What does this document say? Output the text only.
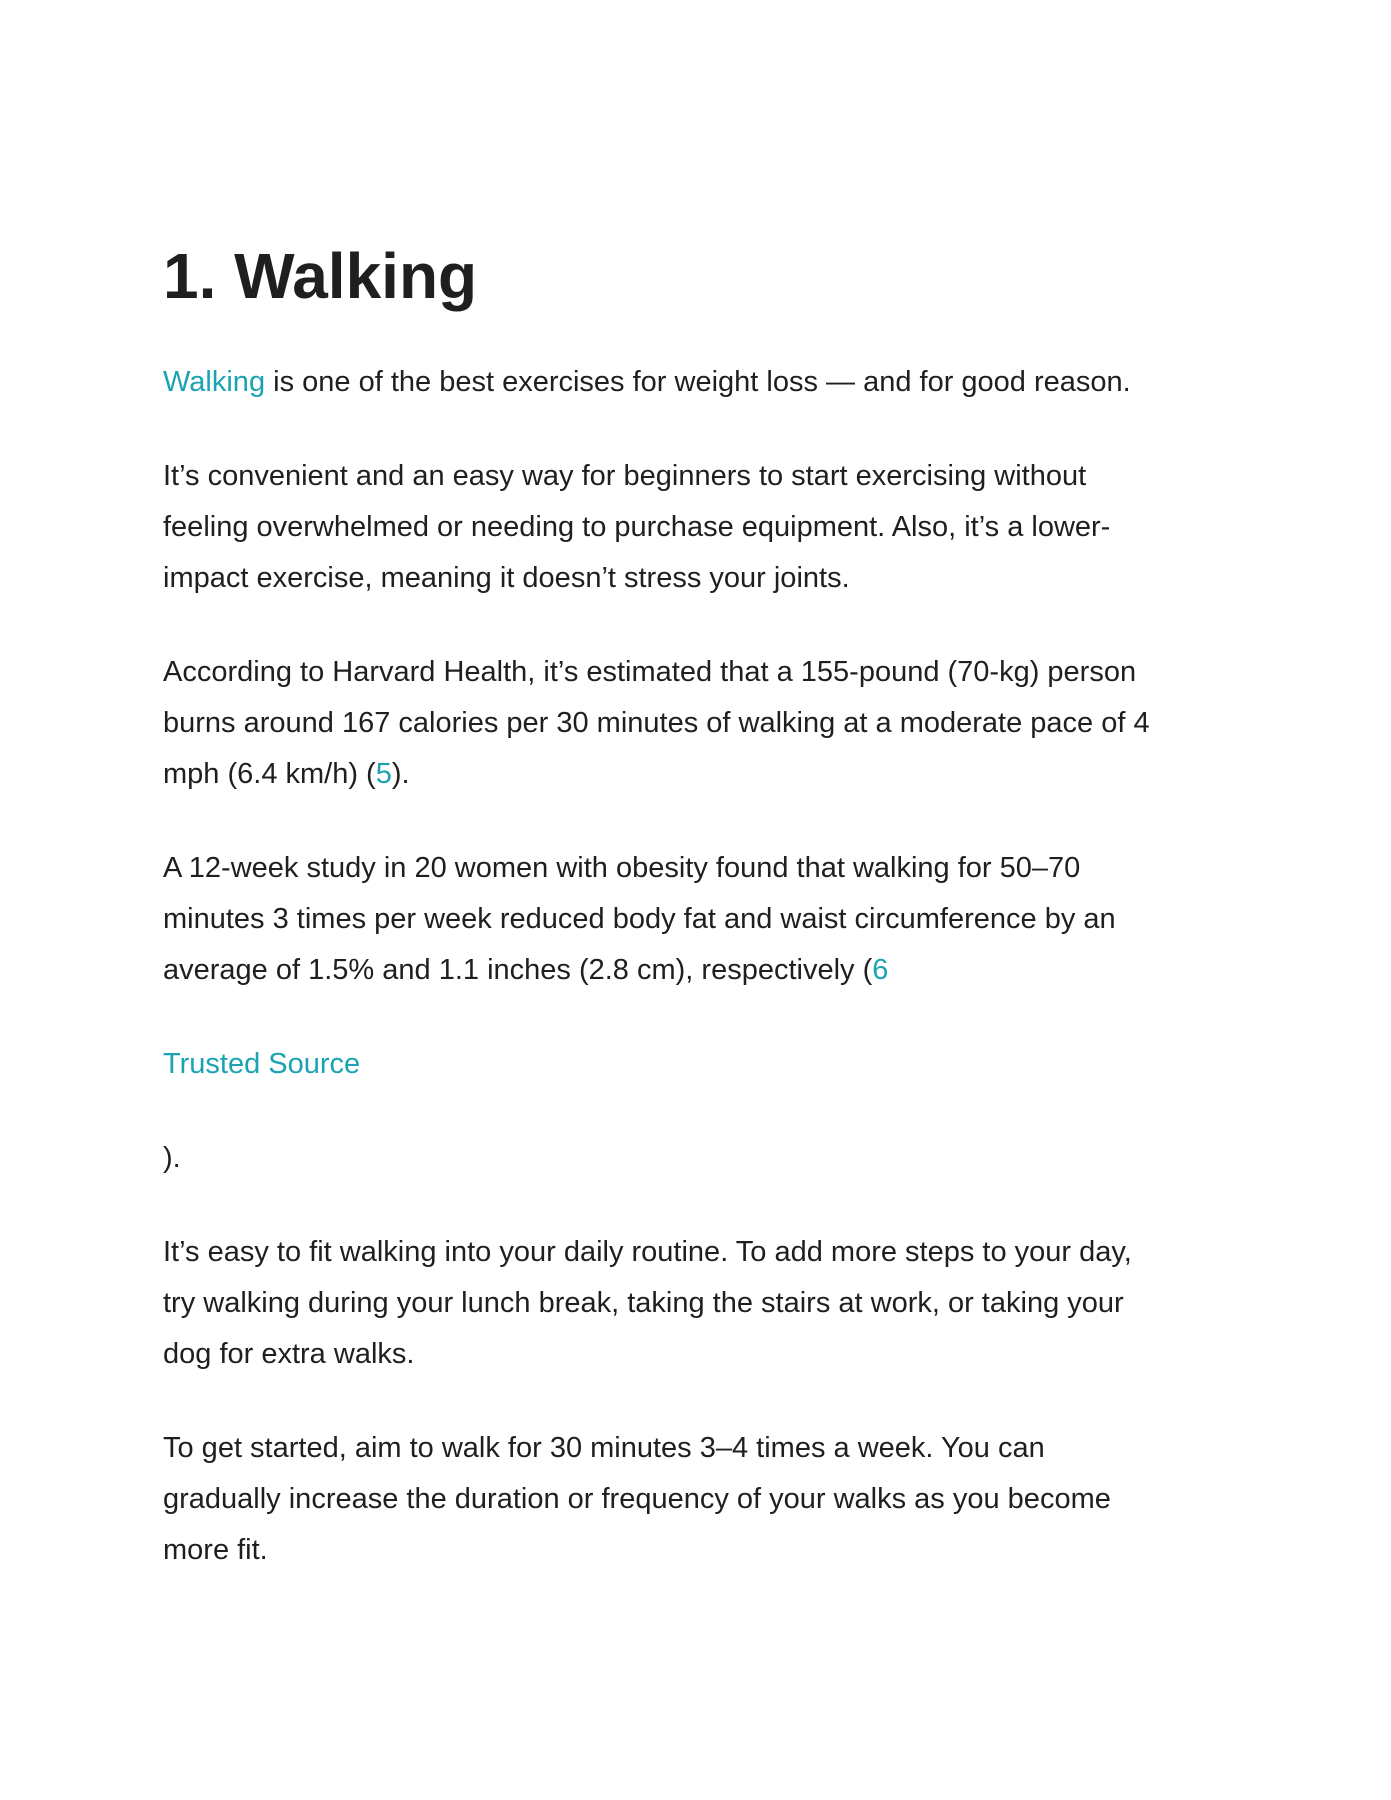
1. Walking

Walking is one of the best exercises for weight loss — and for good reason.

It’s convenient and an easy way for beginners to start exercising without
feeling overwhelmed or needing to purchase equipment. Also, it’s a lower-
impact exercise, meaning it doesn’t stress your joints.

According to Harvard Health, it’s estimated that a 155-pound (70-kg) person
burns around 167 calories per 30 minutes of walking at a moderate pace of 4
mph (6.4 km/h) (5).

A 12-week study in 20 women with obesity found that walking for 50–70
minutes 3 times per week reduced body fat and waist circumference by an
average of 1.5% and 1.1 inches (2.8 cm), respectively (6

Trusted Source

).

It’s easy to fit walking into your daily routine. To add more steps to your day,
try walking during your lunch break, taking the stairs at work, or taking your
dog for extra walks.

To get started, aim to walk for 30 minutes 3–4 times a week. You can
gradually increase the duration or frequency of your walks as you become
more fit.
